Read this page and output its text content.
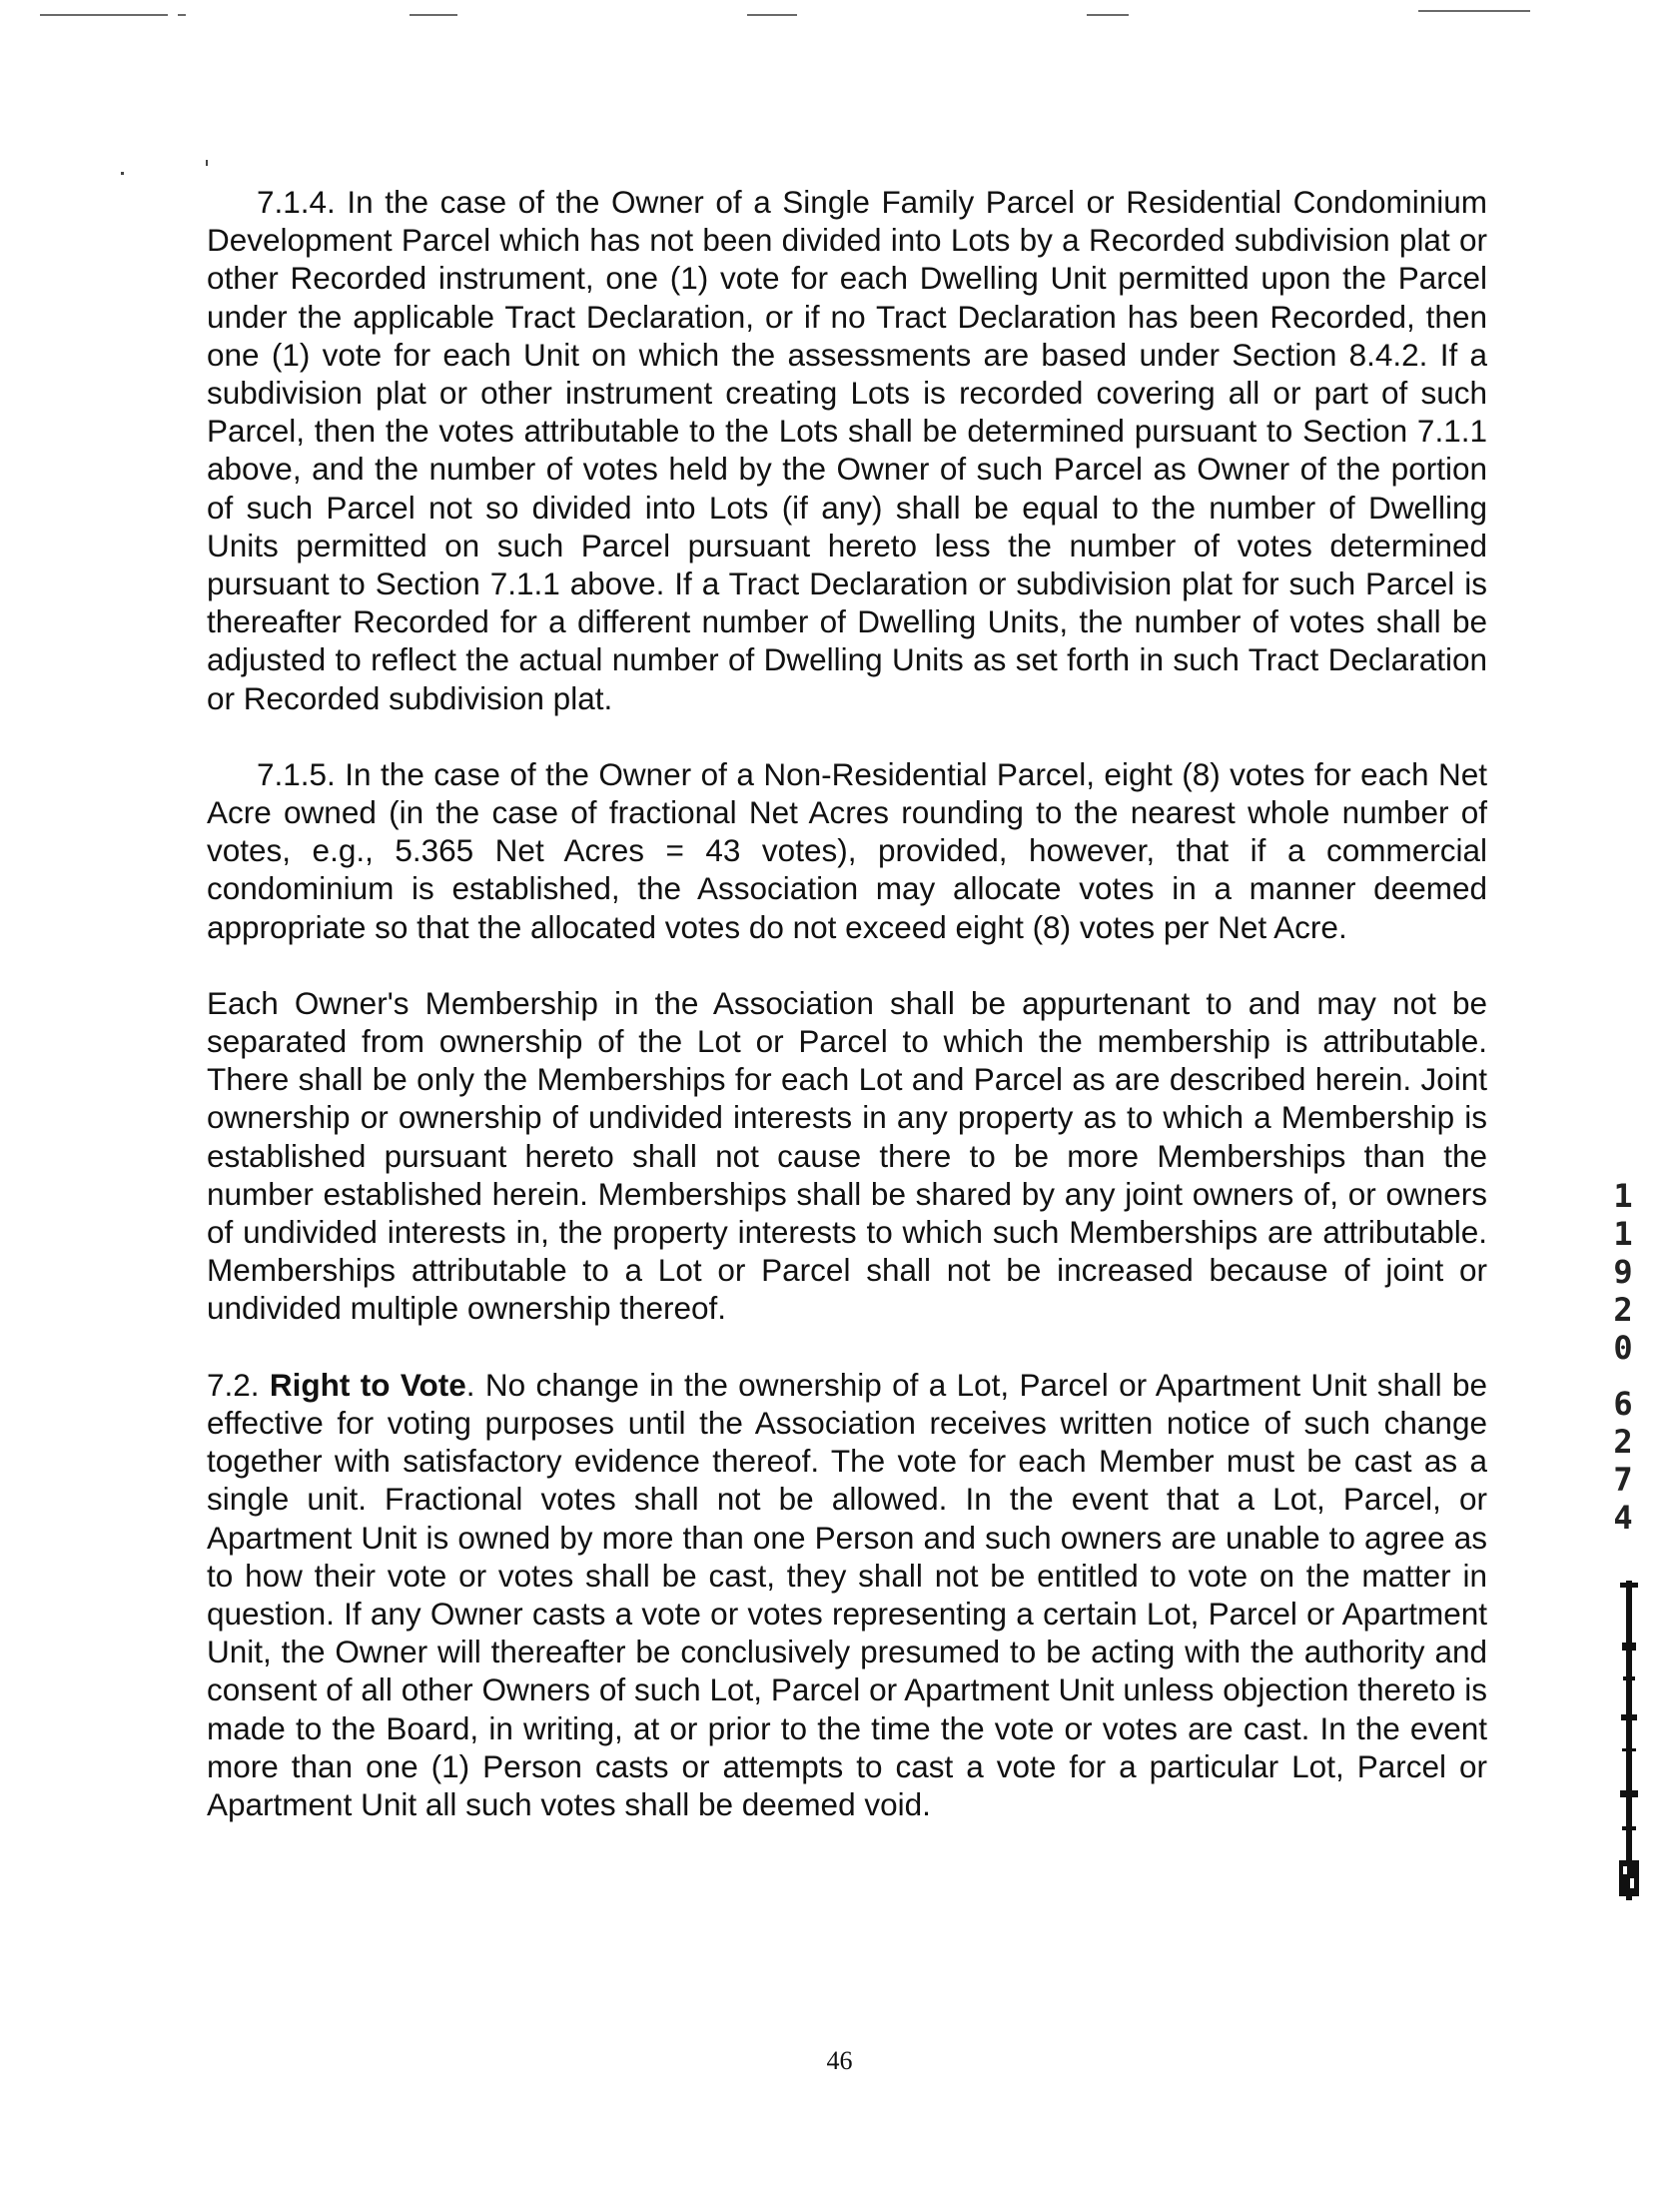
7.1.4. In the case of the Owner of a Single Family Parcel or Residential Condominium Development Parcel which has not been divided into Lots by a Recorded subdivision plat or other Recorded instrument, one (1) vote for each Dwelling Unit permitted upon the Parcel under the applicable Tract Declaration, or if no Tract Declaration has been Recorded, then one (1) vote for each Unit on which the assessments are based under Section 8.4.2. If a subdivision plat or other instrument creating Lots is recorded covering all or part of such Parcel, then the votes attributable to the Lots shall be determined pursuant to Section 7.1.1 above, and the number of votes held by the Owner of such Parcel as Owner of the portion of such Parcel not so divided into Lots (if any) shall be equal to the number of Dwelling Units permitted on such Parcel pursuant hereto less the number of votes determined pursuant to Section 7.1.1 above. If a Tract Declaration or subdivision plat for such Parcel is thereafter Recorded for a different number of Dwelling Units, the number of votes shall be adjusted to reflect the actual number of Dwelling Units as set forth in such Tract Declaration or Recorded subdivision plat.

7.1.5. In the case of the Owner of a Non-Residential Parcel, eight (8) votes for each Net Acre owned (in the case of fractional Net Acres rounding to the nearest whole number of votes, e.g., 5.365 Net Acres = 43 votes), provided, however, that if a commercial condominium is established, the Association may allocate votes in a manner deemed appropriate so that the allocated votes do not exceed eight (8) votes per Net Acre.

Each Owner's Membership in the Association shall be appurtenant to and may not be separated from ownership of the Lot or Parcel to which the membership is attributable. There shall be only the Memberships for each Lot and Parcel as are described herein. Joint ownership or ownership of undivided interests in any property as to which a Membership is established pursuant hereto shall not cause there to be more Memberships than the number established herein. Memberships shall be shared by any joint owners of, or owners of undivided interests in, the property interests to which such Memberships are attributable. Memberships attributable to a Lot or Parcel shall not be increased because of joint or undivided multiple ownership thereof.

7.2. Right to Vote. No change in the ownership of a Lot, Parcel or Apartment Unit shall be effective for voting purposes until the Association receives written notice of such change together with satisfactory evidence thereof. The vote for each Member must be cast as a single unit. Fractional votes shall not be allowed. In the event that a Lot, Parcel, or Apartment Unit is owned by more than one Person and such owners are unable to agree as to how their vote or votes shall be cast, they shall not be entitled to vote on the matter in question. If any Owner casts a vote or votes representing a certain Lot, Parcel or Apartment Unit, the Owner will thereafter be conclusively presumed to be acting with the authority and consent of all other Owners of such Lot, Parcel or Apartment Unit unless objection thereto is made to the Board, in writing, at or prior to the time the vote or votes are cast. In the event more than one (1) Person casts or attempts to cast a vote for a particular Lot, Parcel or Apartment Unit all such votes shall be deemed void.

46
1
1
9
2
0
6
2
7
4
